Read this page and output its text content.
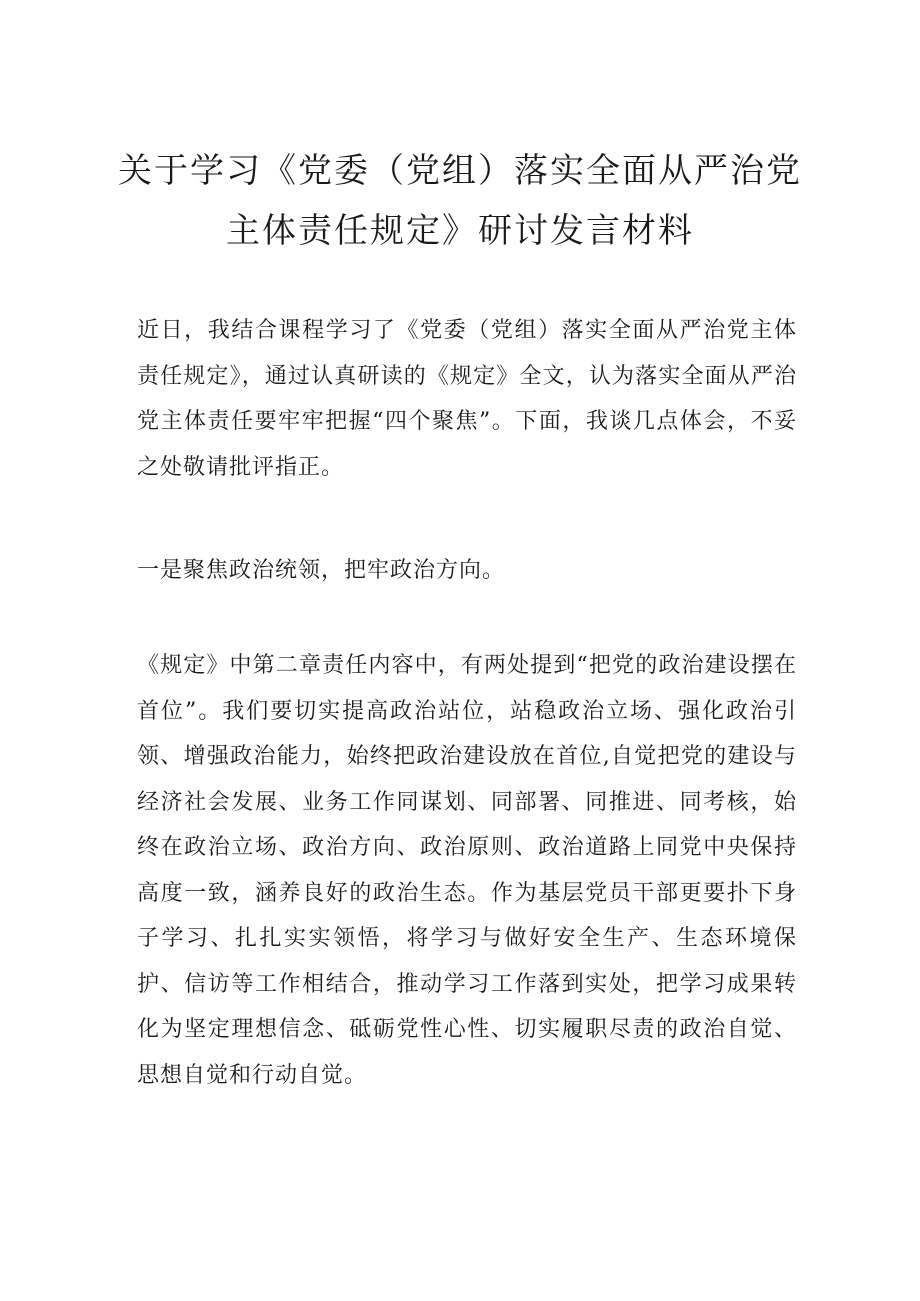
关于学习《党委（党组）落实全面从严治党
主体责任规定》研讨发言材料

近日，我结合课程学习了《党委（党组）落实全面从严治党主体责任规定》，通过认真研读的《规定》全文，认为落实全面从严治党主体责任要牢牢把握“四个聚焦”。下面，我谈几点体会，不妥之处敬请批评指正。

一是聚焦政治统领，把牢政治方向。

《规定》中第二章责任内容中，有两处提到“把党的政治建设摆在首位”。我们要切实提高政治站位，站稳政治立场、强化政治引领、增强政治能力，始终把政治建设放在首位,自觉把党的建设与经济社会发展、业务工作同谋划、同部署、同推进、同考核，始终在政治立场、政治方向、政治原则、政治道路上同党中央保持高度一致，涵养良好的政治生态。作为基层党员干部更要扑下身子学习、扎扎实实领悟，将学习与做好安全生产、生态环境保护、信访等工作相结合，推动学习工作落到实处，把学习成果转化为坚定理想信念、砥砺党性心性、切实履职尽责的政治自觉、思想自觉和行动自觉。
